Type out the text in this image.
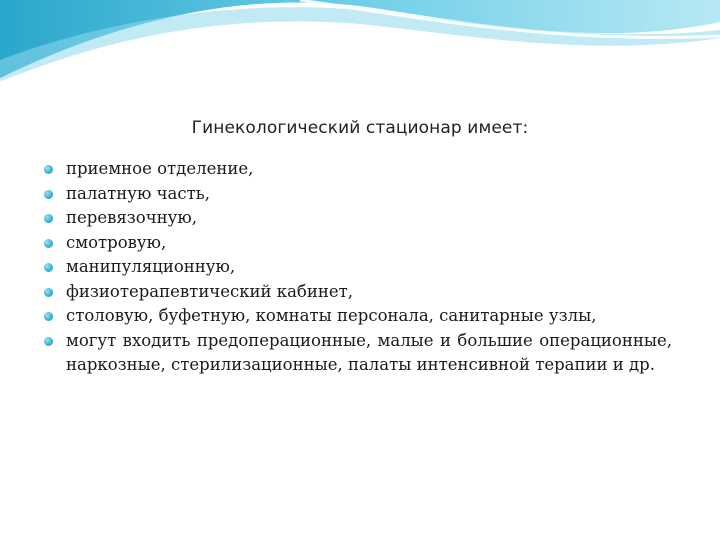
Гинекологический стационар имеет:
приемное отделение,
палатную часть,
перевязочную,
смотровую,
манипуляционную,
физиотерапевтический кабинет,
столовую, буфетную, комнаты персонала, санитарные узлы,
могут входить предоперационные, малые и большие операционные, наркозные, стерилизационные, палаты интенсивной терапии и др.
